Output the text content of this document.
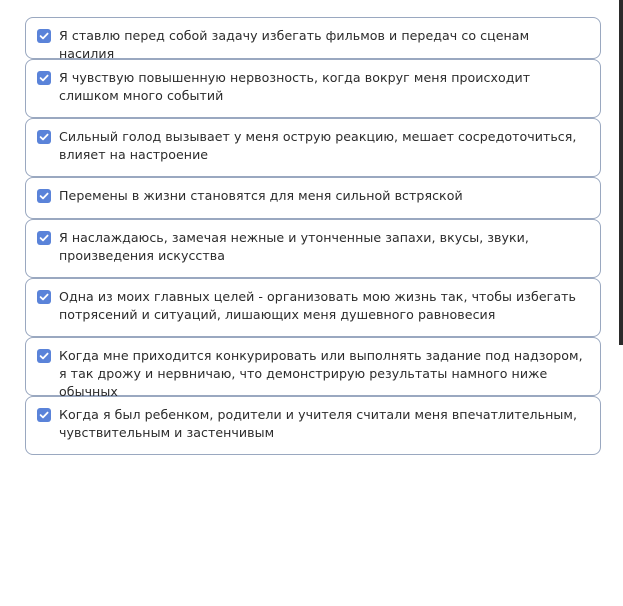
Я ставлю перед собой задачу избегать фильмов и передач со сценам насилия
Я чувствую повышенную нервозность, когда вокруг меня происходит слишком много событий
Сильный голод вызывает у меня острую реакцию, мешает сосредоточиться, влияет на настроение
Перемены в жизни становятся для меня сильной встряской
Я наслаждаюсь, замечая нежные и утонченные запахи, вкусы, звуки, произведения искусства
Одна из моих главных целей - организовать мою жизнь так, чтобы избегать потрясений и ситуаций, лишающих меня душевного равновесия
Когда мне приходится конкурировать или выполнять задание под надзором, я так дрожу и нервничаю, что демонстрирую результаты намного ниже обычных
Когда я был ребенком, родители и учителя считали меня впечатлительным, чувствительным и застенчивым
